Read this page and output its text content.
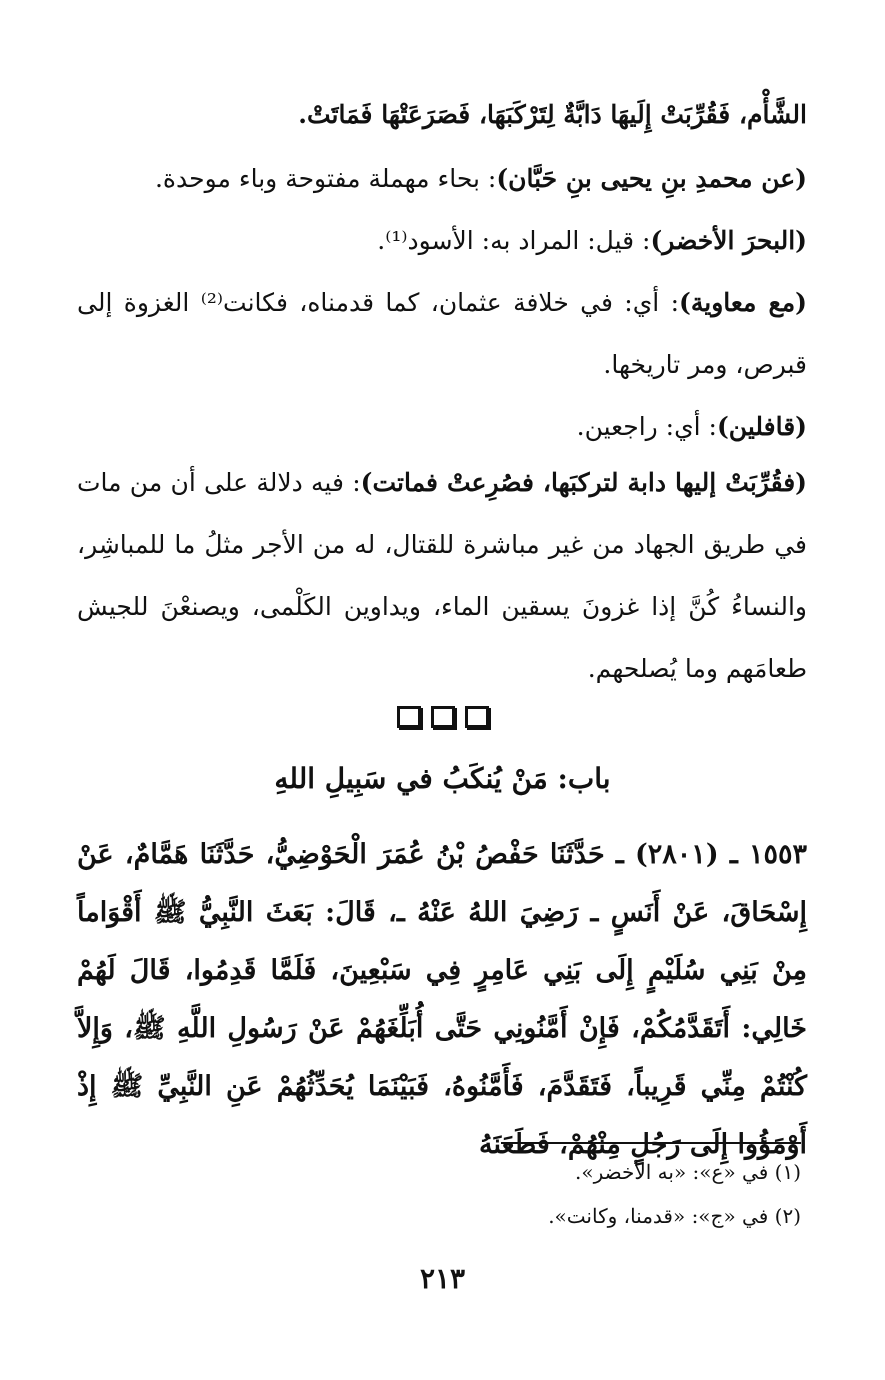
الشَّأْم، فَقُرِّبَتْ إِلَيهَا دَابَّةٌ لِتَرْكَبَهَا، فَصَرَعَتْهَا فَمَاتَتْ.

(عن محمدِ بنِ يحيى بنِ حَبَّان): بحاء مهملة مفتوحة وباء موحدة.

(البحرَ الأخضر): قيل: المراد به: الأسود⁽¹⁾.

(مع معاوية): أي: في خلافة عثمان، كما قدمناه، فكانت⁽²⁾ الغزوة إلى قبرص، ومر تاريخها.

(قافلين): أي: راجعين.

(فقُرِّبَتْ إليها دابة لتركبَها، فصُرِعتْ فماتت): فيه دلالة على أن من مات في طريق الجهاد من غير مباشرة للقتال، له من الأجر مثلُ ما للمباشِر، والنساءُ كُنَّ إذا غزونَ يسقين الماء، ويداوين الكَلْمى، ويصنعْنَ للجيش طعامَهم وما يُصلحهم.

باب: مَنْ يُنكَبُ في سَبِيلِ اللهِ

١٥٥٣ ـ (٢٨٠١) ـ حَدَّثَنَا حَفْصُ بْنُ عُمَرَ الْحَوْضِيُّ، حَدَّثَنَا هَمَّامٌ، عَنْ إِسْحَاقَ، عَنْ أَنَسٍ ـ رَضِيَ اللهُ عَنْهُ ـ، قَالَ: بَعَثَ النَّبِيُّ ﷺ أَقْوَاماً مِنْ بَنِي سُلَيْمٍ إِلَى بَنِي عَامِرٍ فِي سَبْعِينَ، فَلَمَّا قَدِمُوا، قَالَ لَهُمْ خَالِي: أَتَقَدَّمُكُمْ، فَإِنْ أَمَّنُونِي حَتَّى أُبَلِّغَهُمْ عَنْ رَسُولِ اللَّهِ ﷺ، وَإِلاَّ كُنْتُمْ مِنِّي قَرِيباً، فَتَقَدَّمَ، فَأَمَّنُوهُ، فَبَيْنَمَا يُحَدِّثُهُمْ عَنِ النَّبِيِّ ﷺ إِذْ أَوْمَؤُوا إِلَى رَجُلٍ مِنْهُمْ، فَطَعَنَهُ

(١) في «ع»: «به الأخضر».

(٢) في «ج»: «قدمنا، وكانت».

٢١٣
